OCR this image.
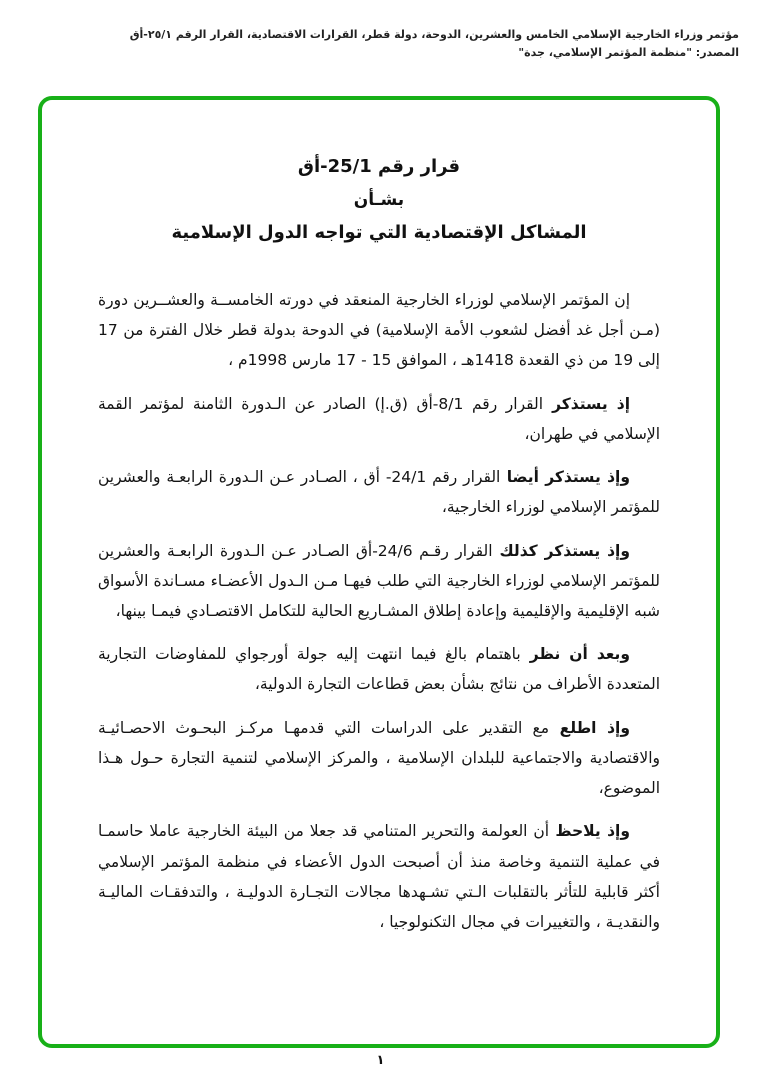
مؤتمر وزراء الخارجية الإسلامي الخامس والعشرين، الدوحة، دولة قطر، القرارات الاقتصادية، القرار الرقم ٢٥/١-أق
المصدر: "منظمة المؤتمر الإسلامي، جدة"
قرار رقم 25/1-أق
بشـأن
المشاكل الإقتصادية التي تواجه الدول الإسلامية

إن المؤتمر الإسلامي لوزراء الخارجية المنعقد في دورته الخامســة والعشــرين دورة (مـن أجل غد أفضل لشعوب الأمة الإسلامية) في الدوحة بدولة قطر خلال الفترة من 17 إلى 19 من ذي القعدة 1418هـ ، الموافق 15 - 17 مارس 1998م ،

إذ يستذكر القرار رقم 8/1-أق (ق.إ) الصادر عن الـدورة الثامنة لمؤتمر القمة الإسلامي في طهران،

وإذ يستذكر أيضا القرار رقم 24/1- أق ، الصـادر عـن الـدورة الرابعـة والعشرين للمؤتمر الإسلامي لوزراء الخارجية،

وإذ يستذكر كذلك القرار رقـم 24/6-أق الصـادر عـن الـدورة الرابعـة والعشرين للمؤتمر الإسلامي لوزراء الخارجية التي طلب فيهـا مـن الـدول الأعضـاء مسـاندة الأسواق شبه الإقليمية والإقليمية وإعادة إطلاق المشـاريع الحالية للتكامل الاقتصـادي فيمـا بينها،

وبعد أن نظر باهتمام بالغ فيما انتهت إليه جولة أورجواي للمفاوضات التجارية المتعددة الأطراف من نتائج بشأن بعض قطاعات التجارة الدولية،

وإذ اطلع مع التقدير على الدراسات التي قدمهـا مركـز البحـوث الاحصـائيـة والاقتصادية والاجتماعية للبلدان الإسلامية ، والمركز الإسلامي لتنمية التجارة حـول هـذا الموضوع،

وإذ يلاحظ أن العولمة والتحرير المتنامي قد جعلا من البيئة الخارجية عاملا حاسمـا في عملية التنمية وخاصة منذ أن أصبحت الدول الأعضاء في منظمة المؤتمر الإسلامي أكثر قابلية للتأثر بالتقلبات الـتي تشـهدها مجالات التجـارة الدوليـة ، والتدفقـات الماليـة والنقديـة ، والتغييرات في مجال التكنولوجيا ،

١
